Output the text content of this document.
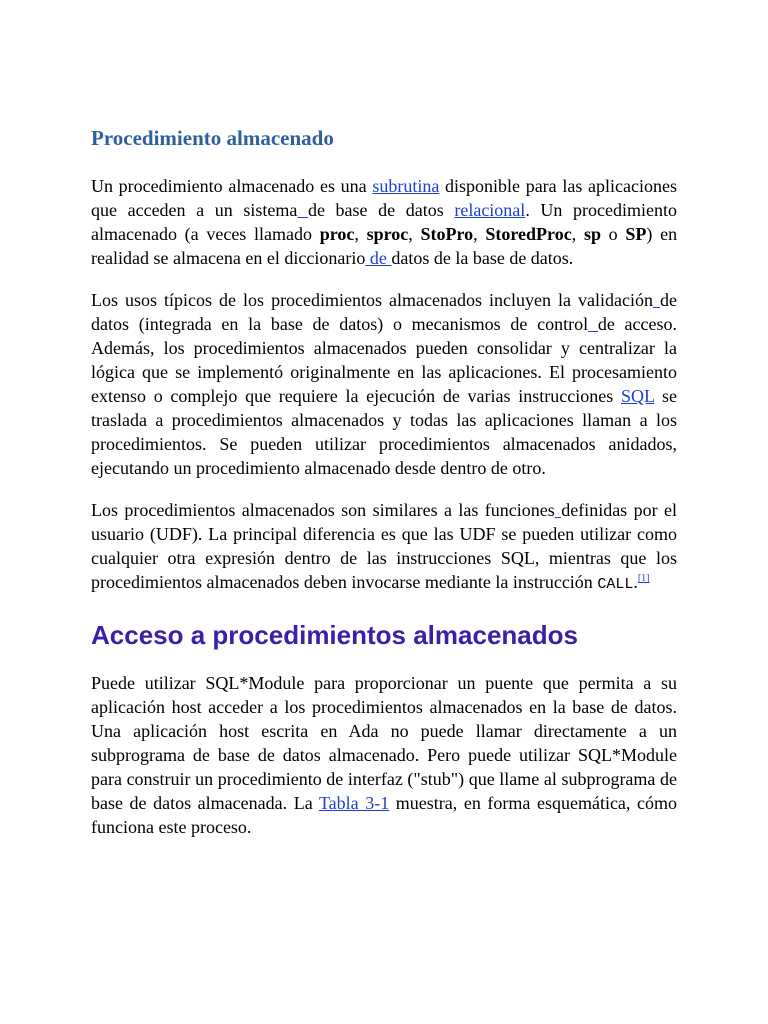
Procedimiento almacenado

Un procedimiento almacenado es una subrutina disponible para las aplicaciones que acceden a un sistema de base de datos relacional. Un procedimiento almacenado (a veces llamado proc, sproc, StoPro, StoredProc, sp o SP) en realidad se almacena en el diccionario de datos de la base de datos.

Los usos típicos de los procedimientos almacenados incluyen la validación de datos (integrada en la base de datos) o mecanismos de control de acceso. Además, los procedimientos almacenados pueden consolidar y centralizar la lógica que se implementó originalmente en las aplicaciones. El procesamiento extenso o complejo que requiere la ejecución de varias instrucciones SQL se traslada a procedimientos almacenados y todas las aplicaciones llaman a los procedimientos. Se pueden utilizar procedimientos almacenados anidados, ejecutando un procedimiento almacenado desde dentro de otro.

Los procedimientos almacenados son similares a las funciones definidas por el usuario (UDF). La principal diferencia es que las UDF se pueden utilizar como cualquier otra expresión dentro de las instrucciones SQL, mientras que los procedimientos almacenados deben invocarse mediante la instrucción CALL.[1]

Acceso a procedimientos almacenados

Puede utilizar SQL*Module para proporcionar un puente que permita a su aplicación host acceder a los procedimientos almacenados en la base de datos. Una aplicación host escrita en Ada no puede llamar directamente a un subprograma de base de datos almacenado. Pero puede utilizar SQL*Module para construir un procedimiento de interfaz ("stub") que llame al subprograma de base de datos almacenada. La Tabla 3-1 muestra, en forma esquemática, cómo funciona este proceso.
